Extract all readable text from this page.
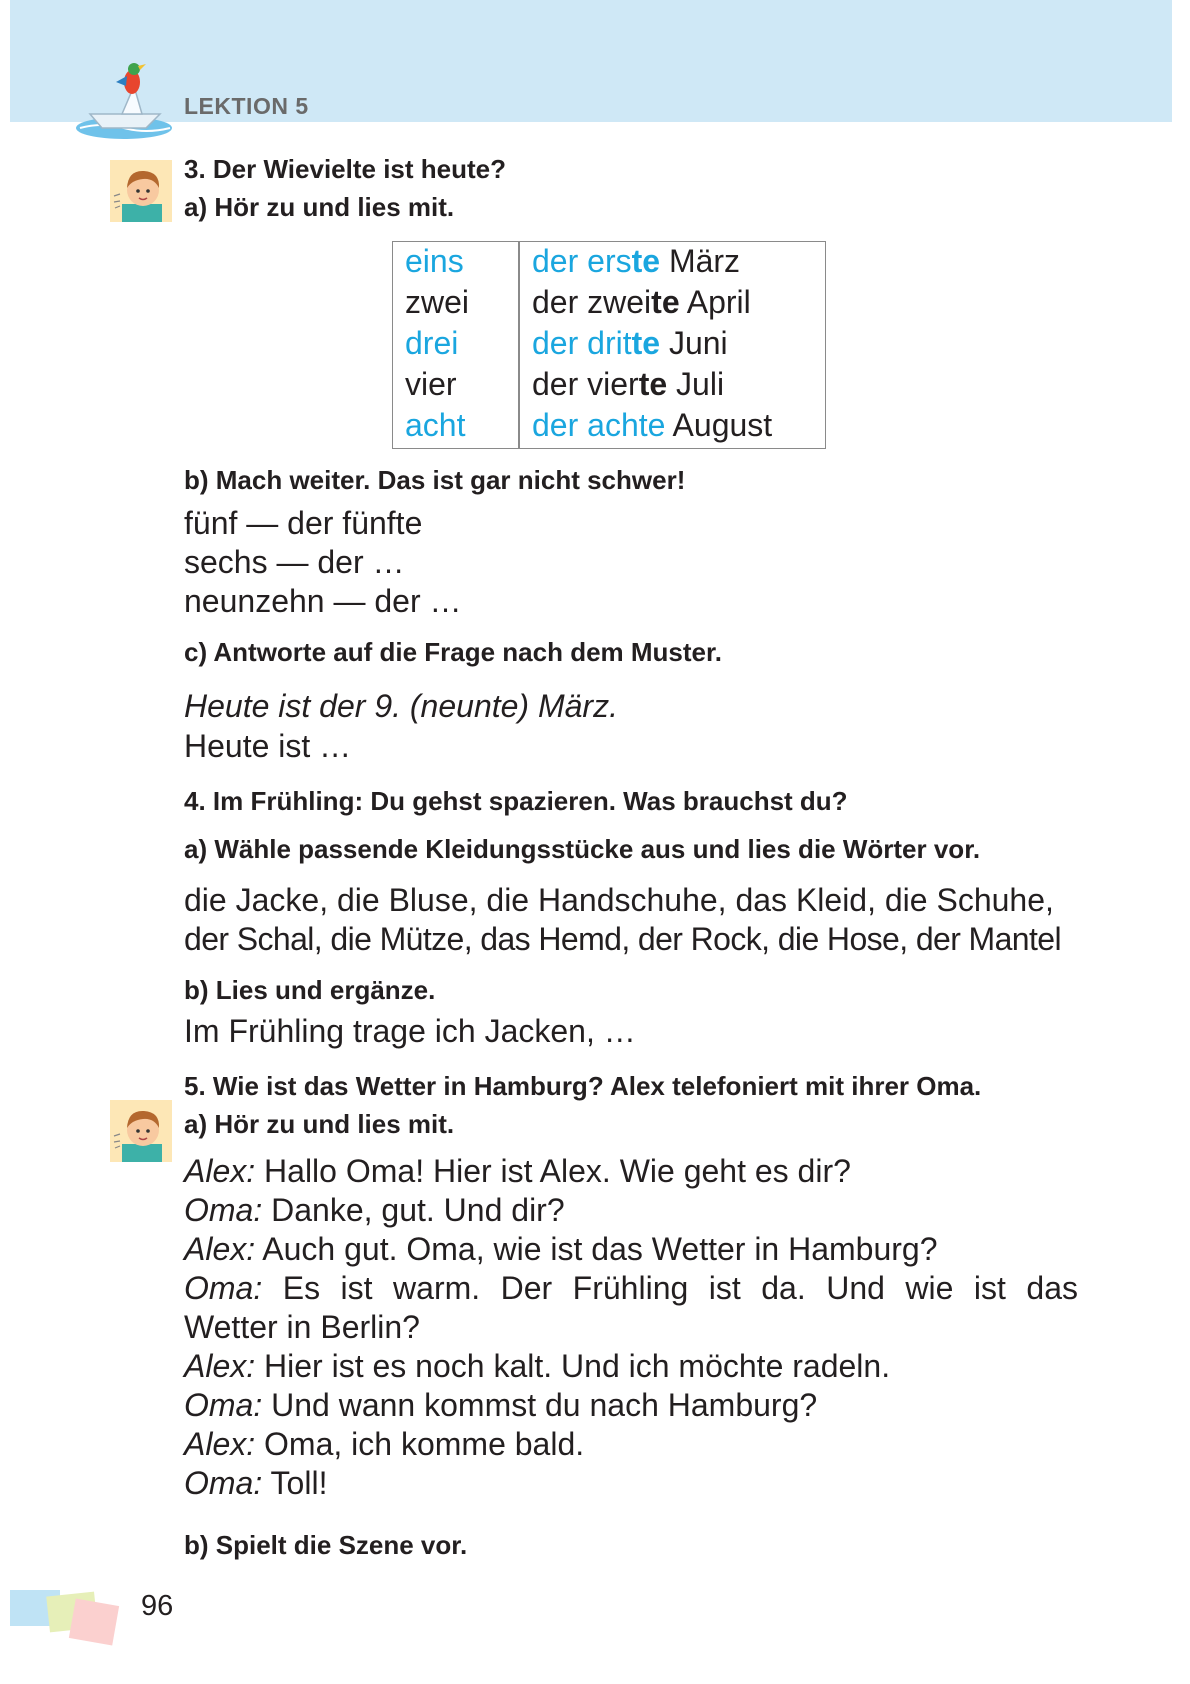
LEKTION 5
3. Der Wievielte ist heute?
a) Hör zu und lies mit.
eins der erste März
zwei der zweite April
drei der dritte Juni
vier der vierte Juli
acht der achte August
b) Mach weiter. Das ist gar nicht schwer!
fünf — der fünfte
sechs — der …
neunzehn — der …
c) Antworte auf die Frage nach dem Muster.
Heute ist der 9. (neunte) März.
Heute ist …
4. Im Frühling: Du gehst spazieren. Was brauchst du?
a) Wähle passende Kleidungsstücke aus und lies die Wörter vor.
die Jacke, die Bluse, die Handschuhe, das Kleid, die Schuhe,
der Schal, die Mütze, das Hemd, der Rock, die Hose, der Mantel
b) Lies und ergänze.
Im Frühling trage ich Jacken, …
5. Wie ist das Wetter in Hamburg? Alex telefoniert mit ihrer Oma.
a) Hör zu und lies mit.
Alex: Hallo Oma! Hier ist Alex. Wie geht es dir?
Oma: Danke, gut. Und dir?
Alex: Auch gut. Oma, wie ist das Wetter in Hamburg?
Oma: Es ist warm. Der Frühling ist da. Und wie ist das
Wetter in Berlin?
Alex: Hier ist es noch kalt. Und ich möchte radeln.
Oma: Und wann kommst du nach Hamburg?
Alex: Oma, ich komme bald.
Oma: Toll!
b) Spielt die Szene vor.
96
